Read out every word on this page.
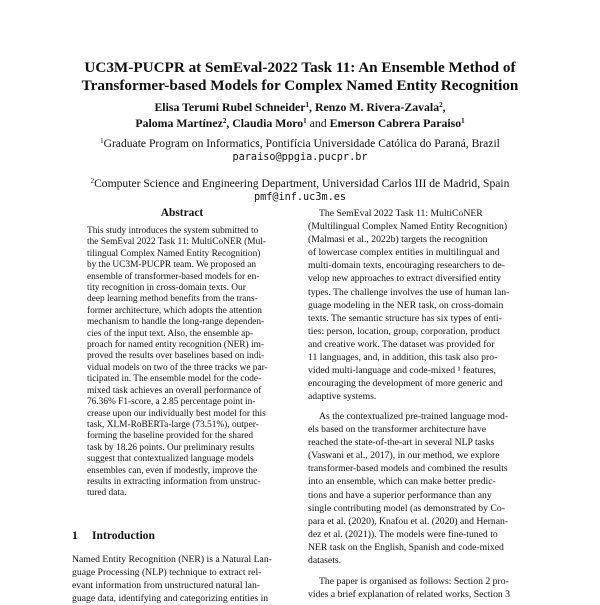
UC3M-PUCPR at SemEval-2022 Task 11: An Ensemble Method of
Transformer-based Models for Complex Named Entity Recognition
Elisa Terumi Rubel Schneider$^1$, Renzo M. Rivera-Zavala$^2$,
Paloma Martínez$^2$, Claudia Moro$^1$ and Emerson Cabrera Paraiso$^1$
$^1$Graduate Program on Informatics, Pontifícia Universidade Católica do Paraná, Brazil
paraiso@ppgia.pucpr.br
$^2$Computer Science and Engineering Department, Universidad Carlos III de Madrid, Spain
pmf@inf.uc3m.es
Abstract
This study introduces the system submitted to
the SemEval 2022 Task 11: MultiCoNER (Mul-
tilingual Complex Named Entity Recognition)
by the UC3M-PUCPR team. We proposed an
ensemble of transformer-based models for en-
tity recognition in cross-domain texts. Our
deep learning method benefits from the trans-
former architecture, which adopts the attention
mechanism to handle the long-range dependen-
cies of the input text. Also, the ensemble ap-
proach for named entity recognition (NER) im-
proved the results over baselines based on indi-
vidual models on two of the three tracks we par-
ticipated in. The ensemble model for the code-
mixed task achieves an overall performance of
76.36% F1-score, a 2.85 percentage point in-
crease upon our individually best model for this
task, XLM-RoBERTa-large (73.51%), outper-
forming the baseline provided for the shared
task by 18.26 points. Our preliminary results
suggest that contextualized language models
ensembles can, even if modestly, improve the
results in extracting information from unstruc-
tured data.
1 Introduction
Named Entity Recognition (NER) is a Natural Lan-
guage Processing (NLP) technique to extract rel-
evant information from unstructured natural lan-
guage data, identifying and categorizing entities in
The SemEval 2022 Task 11: MultiCoNER
(Multilingual Complex Named Entity Recognition)
(Malmasi et al., 2022b) targets the recognition
of lowercase complex entities in multilingual and
multi-domain texts, encouraging researchers to de-
velop new approaches to extract diversified entity
types. The challenge involves the use of human lan-
guage modeling in the NER task, on cross-domain
texts. The semantic structure has six types of enti-
ties: person, location, group, corporation, product
and creative work. The dataset was provided for
11 languages, and, in addition, this task also pro-
vided multi-language and code-mixed ¹ features,
encouraging the development of more generic and
adaptive systems.
As the contextualized pre-trained language mod-
els based on the transformer architecture have
reached the state-of-the-art in several NLP tasks
(Vaswani et al., 2017), in our method, we explore
transformer-based models and combined the results
into an ensemble, which can make better predic-
tions and have a superior performance than any
single contributing model (as demonstrated by Co-
para et al. (2020), Knafou et al. (2020) and Hernan-
dez et al. (2021)). The models were fine-tuned to
NER task on the English, Spanish and code-mixed
datasets.
The paper is organised as follows: Section 2 pro-
vides a brief explanation of related works, Section 3
